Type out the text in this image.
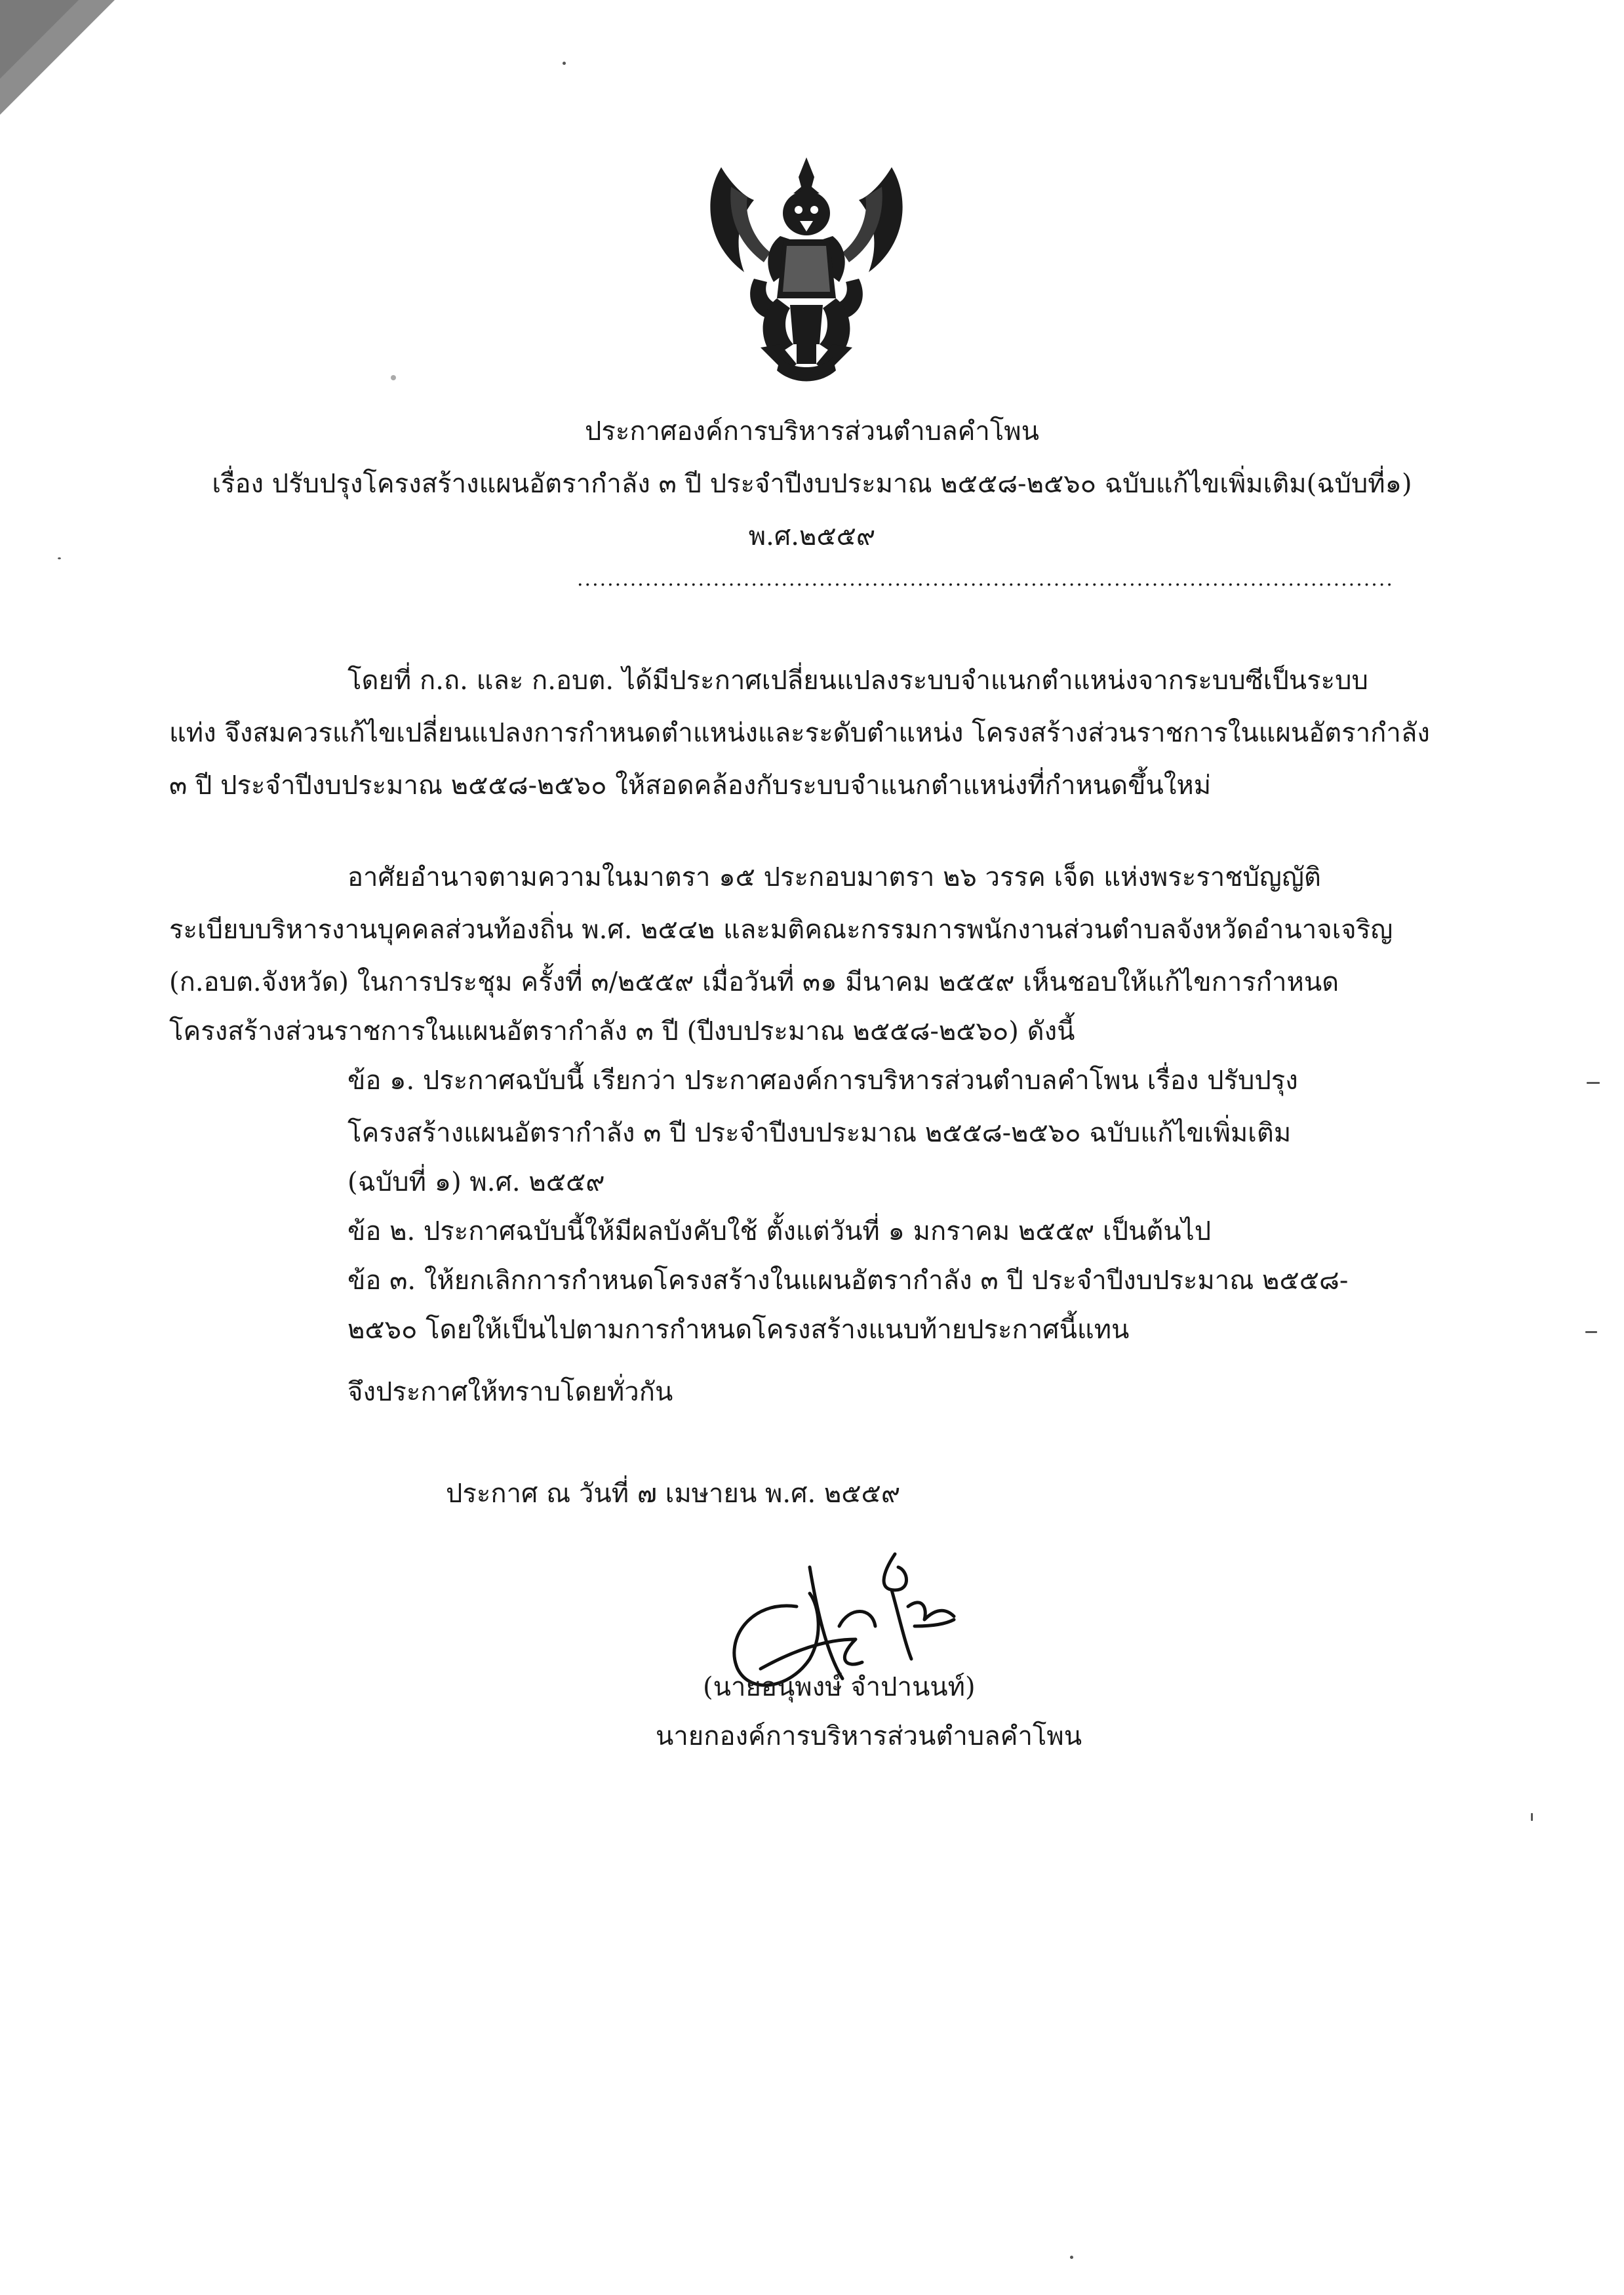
ประกาศองค์การบริหารส่วนตำบลคำโพน
เรื่อง ปรับปรุงโครงสร้างแผนอัตรากำลัง ๓ ปี ประจำปีงบประมาณ ๒๕๕๘-๒๕๖๐ ฉบับแก้ไขเพิ่มเติม(ฉบับที่๑)
พ.ศ.๒๕๕๙
............................................................................................................
โดยที่ ก.ถ. และ ก.อบต. ได้มีประกาศเปลี่ยนแปลงระบบจำแนกตำแหน่งจากระบบซีเป็นระบบ
แท่ง จึงสมควรแก้ไขเปลี่ยนแปลงการกำหนดตำแหน่งและระดับตำแหน่ง โครงสร้างส่วนราชการในแผนอัตรากำลัง
๓ ปี ประจำปีงบประมาณ ๒๕๕๘-๒๕๖๐ ให้สอดคล้องกับระบบจำแนกตำแหน่งที่กำหนดขึ้นใหม่
อาศัยอำนาจตามความในมาตรา ๑๕ ประกอบมาตรา ๒๖ วรรค เจ็ด แห่งพระราชบัญญัติ
ระเบียบบริหารงานบุคคลส่วนท้องถิ่น พ.ศ. ๒๕๔๒ และมติคณะกรรมการพนักงานส่วนตำบลจังหวัดอำนาจเจริญ
(ก.อบต.จังหวัด) ในการประชุม ครั้งที่ ๓/๒๕๕๙ เมื่อวันที่ ๓๑ มีนาคม ๒๕๕๙ เห็นชอบให้แก้ไขการกำหนด
โครงสร้างส่วนราชการในแผนอัตรากำลัง ๓ ปี (ปีงบประมาณ ๒๕๕๘-๒๕๖๐) ดังนี้
ข้อ ๑. ประกาศฉบับนี้ เรียกว่า ประกาศองค์การบริหารส่วนตำบลคำโพน เรื่อง ปรับปรุง
โครงสร้างแผนอัตรากำลัง ๓ ปี ประจำปีงบประมาณ ๒๕๕๘-๒๕๖๐ ฉบับแก้ไขเพิ่มเติม
(ฉบับที่ ๑) พ.ศ. ๒๕๕๙
ข้อ ๒. ประกาศฉบับนี้ให้มีผลบังคับใช้ ตั้งแต่วันที่ ๑ มกราคม ๒๕๕๙ เป็นต้นไป
ข้อ ๓. ให้ยกเลิกการกำหนดโครงสร้างในแผนอัตรากำลัง ๓ ปี ประจำปีงบประมาณ ๒๕๕๘-
๒๕๖๐ โดยให้เป็นไปตามการกำหนดโครงสร้างแนบท้ายประกาศนี้แทน
จึงประกาศให้ทราบโดยทั่วกัน
ประกาศ ณ วันที่ ๗ เมษายน พ.ศ. ๒๕๕๙
(นายอนุพงษ์ จำปานนท์)
นายกองค์การบริหารส่วนตำบลคำโพน
